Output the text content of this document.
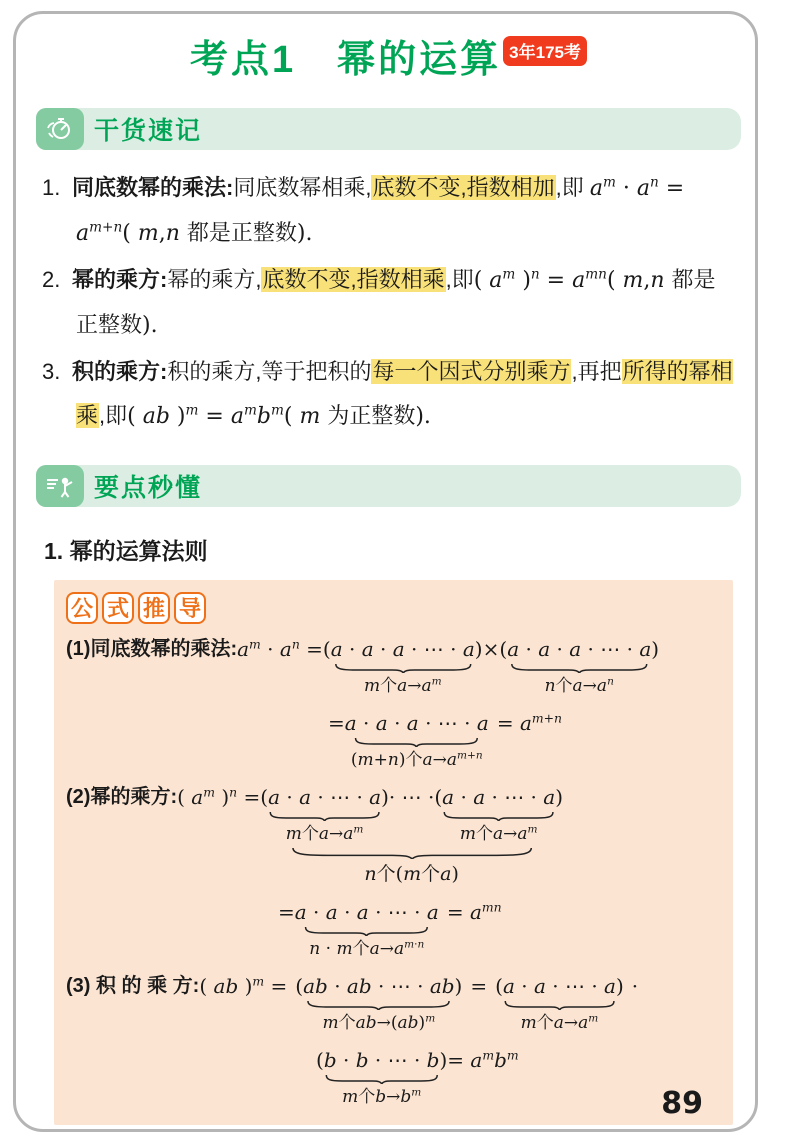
考点1　幂的运算 3年175考
干货速记

1. 同底数幂的乘法:同底数幂相乘,底数不变,指数相加,即 $a^m \cdot a^n = a^{m+n}$( m,n 都是正整数).

2. 幂的乘方:幂的乘方,底数不变,指数相乘,即( $a^m$ )$^n = a^{mn}$( m,n 都是正整数).

3. 积的乘方:积的乘方,等于把积的每一个因式分别乘方,再把所得的幂相乘,即( ab )$^m = a^mb^m$( m 为正整数).

要点秒懂

1. 幂的运算法则

公 式 推 导
(1)同底数幂的乘法: $a^m \cdot a^n = (a \cdot a \cdot a$ · ⋯ · a)
m个$a\to a^m$
× (a · a · a · ⋯ · a)
n个$a\to a^n$
= a · a · a · ⋯ · a
(m+n)个$a\to a^{m+n}$
= $a^{m+n}$
(2)幂的乘方: ( $a^m$ )$^n$ = (a · a · ⋯ · a)
m个$a\to a^m$
· ⋯ · (a · a · ⋯ · a)
m个$a\to a^m$
n个(m个a)
= a · a · a · ⋯ · a
n · m个$a\to a^{m\cdot n}$
= $a^{mn}$
(3) 积 的 乘 方: ( ab )$^m$ = (ab · ab · ⋯ · ab)
m个ab→(ab)$^m$
= (a · a · ⋯ · a)
m个$a\to a^m$
·
(b · b · ⋯ · b)
m个$b\to b^m$
= $a^mb^m$
89
